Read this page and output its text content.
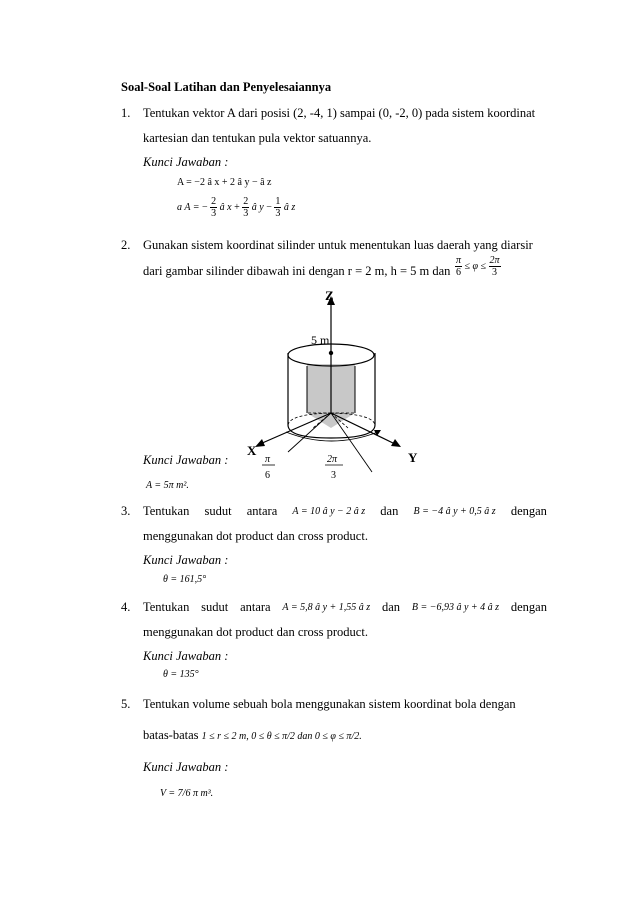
Soal-Soal Latihan dan Penyelesaiannya
1. Tentukan vektor A dari posisi (2, -4, 1) sampai (0, -2, 0) pada sistem koordinat
kartesian dan tentukan pula vektor satuannya.
Kunci Jawaban :
A = −2 â x + 2 â y − â z
a A = − $\frac{2}{3}$ â $x + \frac{2}{3}$ â $y - \frac{1}{3}$ â z
2. Gunakan sistem koordinat silinder untuk menentukan luas daerah yang diarsir
dari gambar silinder dibawah ini dengan r = 2 m, h = 5 m dan $\frac{\pi}{6} \le \varphi \le \frac{2\pi}{3}$
Z
X	Y
5 m
π
6
2π
3
Kunci Jawaban :
A = 5π m².
3. Tentukan sudut antara A = 10 â y − 2 â z dan B = −4 â y + 0,5 â z dengan
menggunakan dot product dan cross product.
Kunci Jawaban :
θ = 161,5°
4. Tentukan sudut antara A = 5,8 â y + 1,55 â z dan B = −6,93 â y + 4 â z dengan
menggunakan dot product dan cross product.
Kunci Jawaban :
θ = 135°
5. Tentukan volume sebuah bola menggunakan sistem koordinat bola dengan
batas-batas 1 ≤ r ≤ 2 m, 0 ≤ θ ≤ π/2 dan 0 ≤ φ ≤ π/2.
Kunci Jawaban :
V = 7/6 π m³.
